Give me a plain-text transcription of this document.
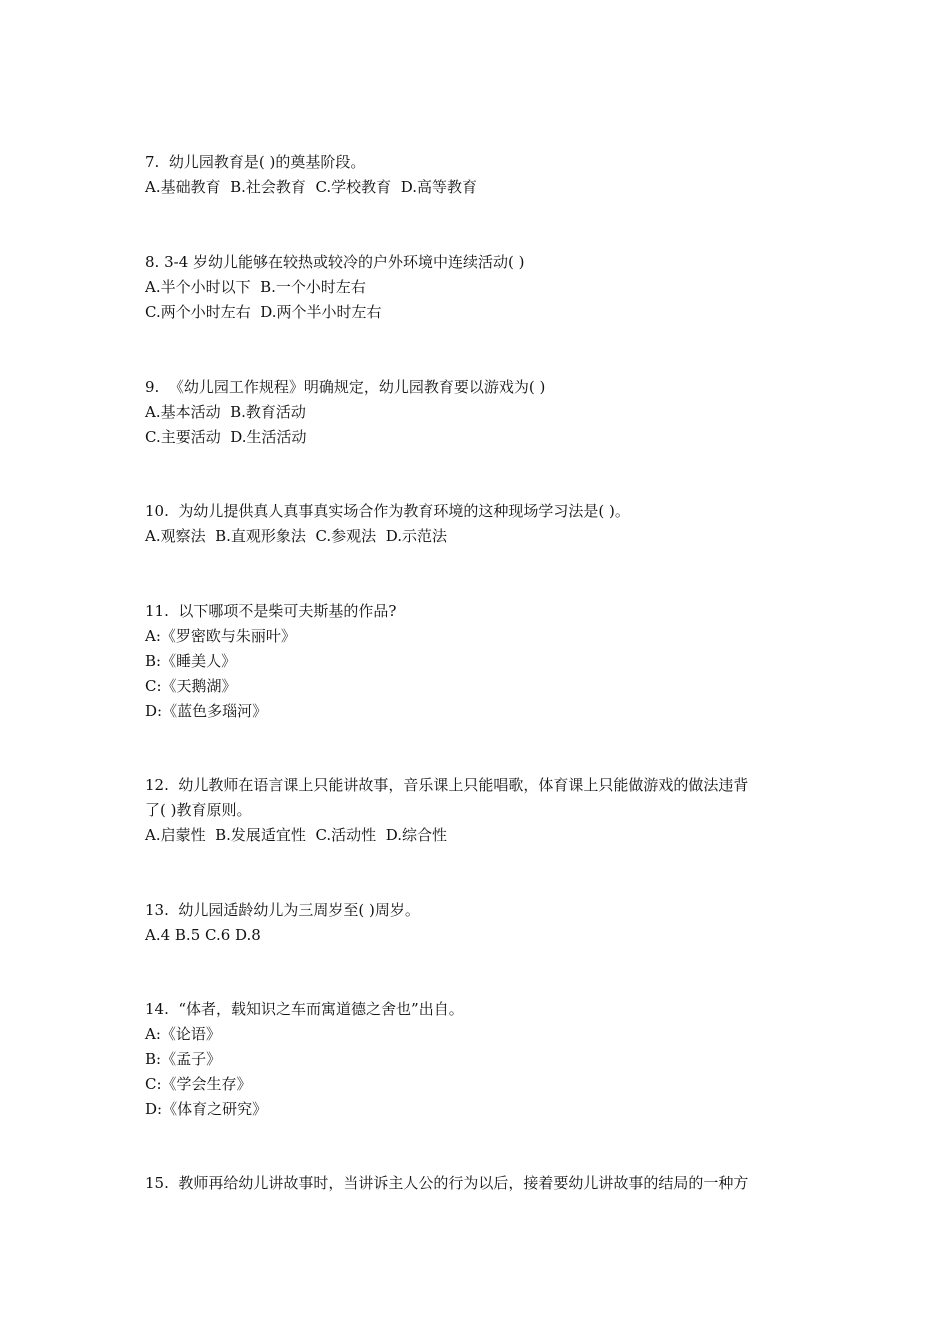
7.  幼儿园教育是( )的奠基阶段。
A.基础教育  B.社会教育  C.学校教育  D.高等教育
8. 3-4 岁幼儿能够在较热或较冷的户外环境中连续活动( )
A.半个小时以下  B.一个小时左右
C.两个小时左右  D.两个半小时左右
9.  《幼儿园工作规程》明确规定，幼儿园教育要以游戏为( )
A.基本活动  B.教育活动
C.主要活动  D.生活活动
10.  为幼儿提供真人真事真实场合作为教育环境的这种现场学习法是( )。
A.观察法  B.直观形象法  C.参观法  D.示范法
11.  以下哪项不是柴可夫斯基的作品?
A:《罗密欧与朱丽叶》
B:《睡美人》
C:《天鹅湖》
D:《蓝色多瑙河》
12.  幼儿教师在语言课上只能讲故事，音乐课上只能唱歌，体育课上只能做游戏的做法违背
了( )教育原则。
A.启蒙性  B.发展适宜性  C.活动性  D.综合性
13.  幼儿园适龄幼儿为三周岁至( )周岁。
A.4 B.5 C.6 D.8
14.  “体者，载知识之车而寓道德之舍也”出自。
A:《论语》
B:《孟子》
C:《学会生存》
D:《体育之研究》
15.  教师再给幼儿讲故事时，当讲诉主人公的行为以后，接着要幼儿讲故事的结局的一种方
